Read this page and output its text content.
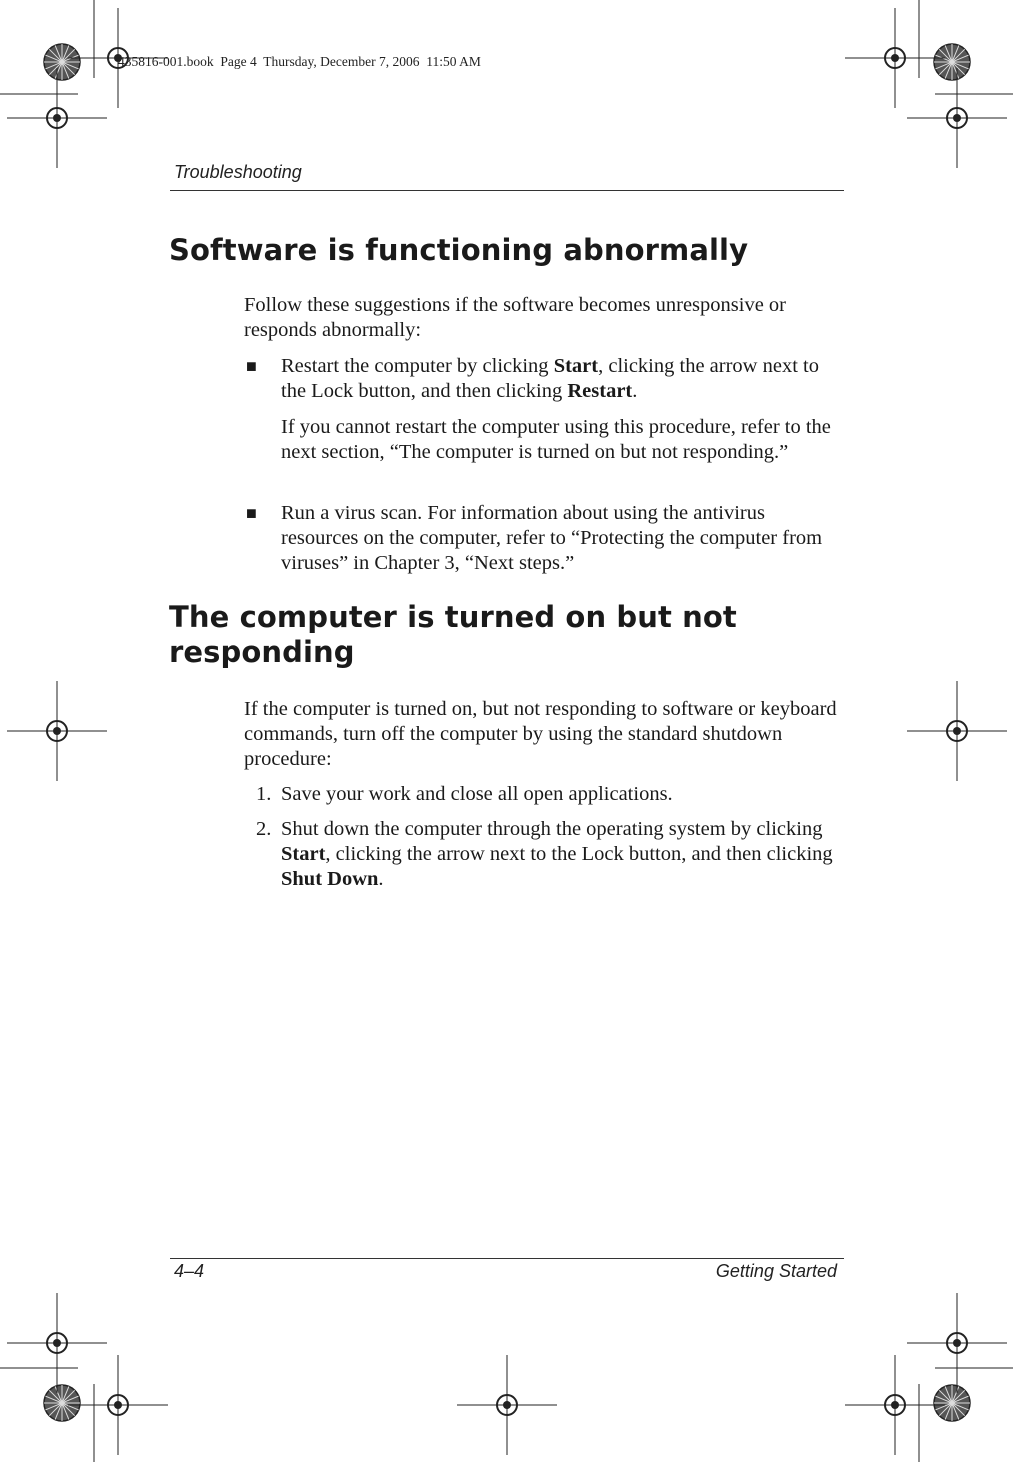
435816-001.book  Page 4  Thursday, December 7, 2006  11:50 AM
Troubleshooting
Software is functioning abnormally

Follow these suggestions if the software becomes unresponsive or responds abnormally:

■	Restart the computer by clicking Start, clicking the arrow next to the Lock button, and then clicking Restart.
If you cannot restart the computer using this procedure, refer to the next section, “The computer is turned on but not responding.”
■	Run a virus scan. For information about using the antivirus resources on the computer, refer to “Protecting the computer from viruses” in Chapter 3, “Next steps.”
The computer is turned on but not responding

If the computer is turned on, but not responding to software or keyboard commands, turn off the computer by using the standard shutdown procedure:

1. Save your work and close all open applications.
2. Shut down the computer through the operating system by clicking Start, clicking the arrow next to the Lock button, and then clicking Shut Down.
4–4	Getting Started
